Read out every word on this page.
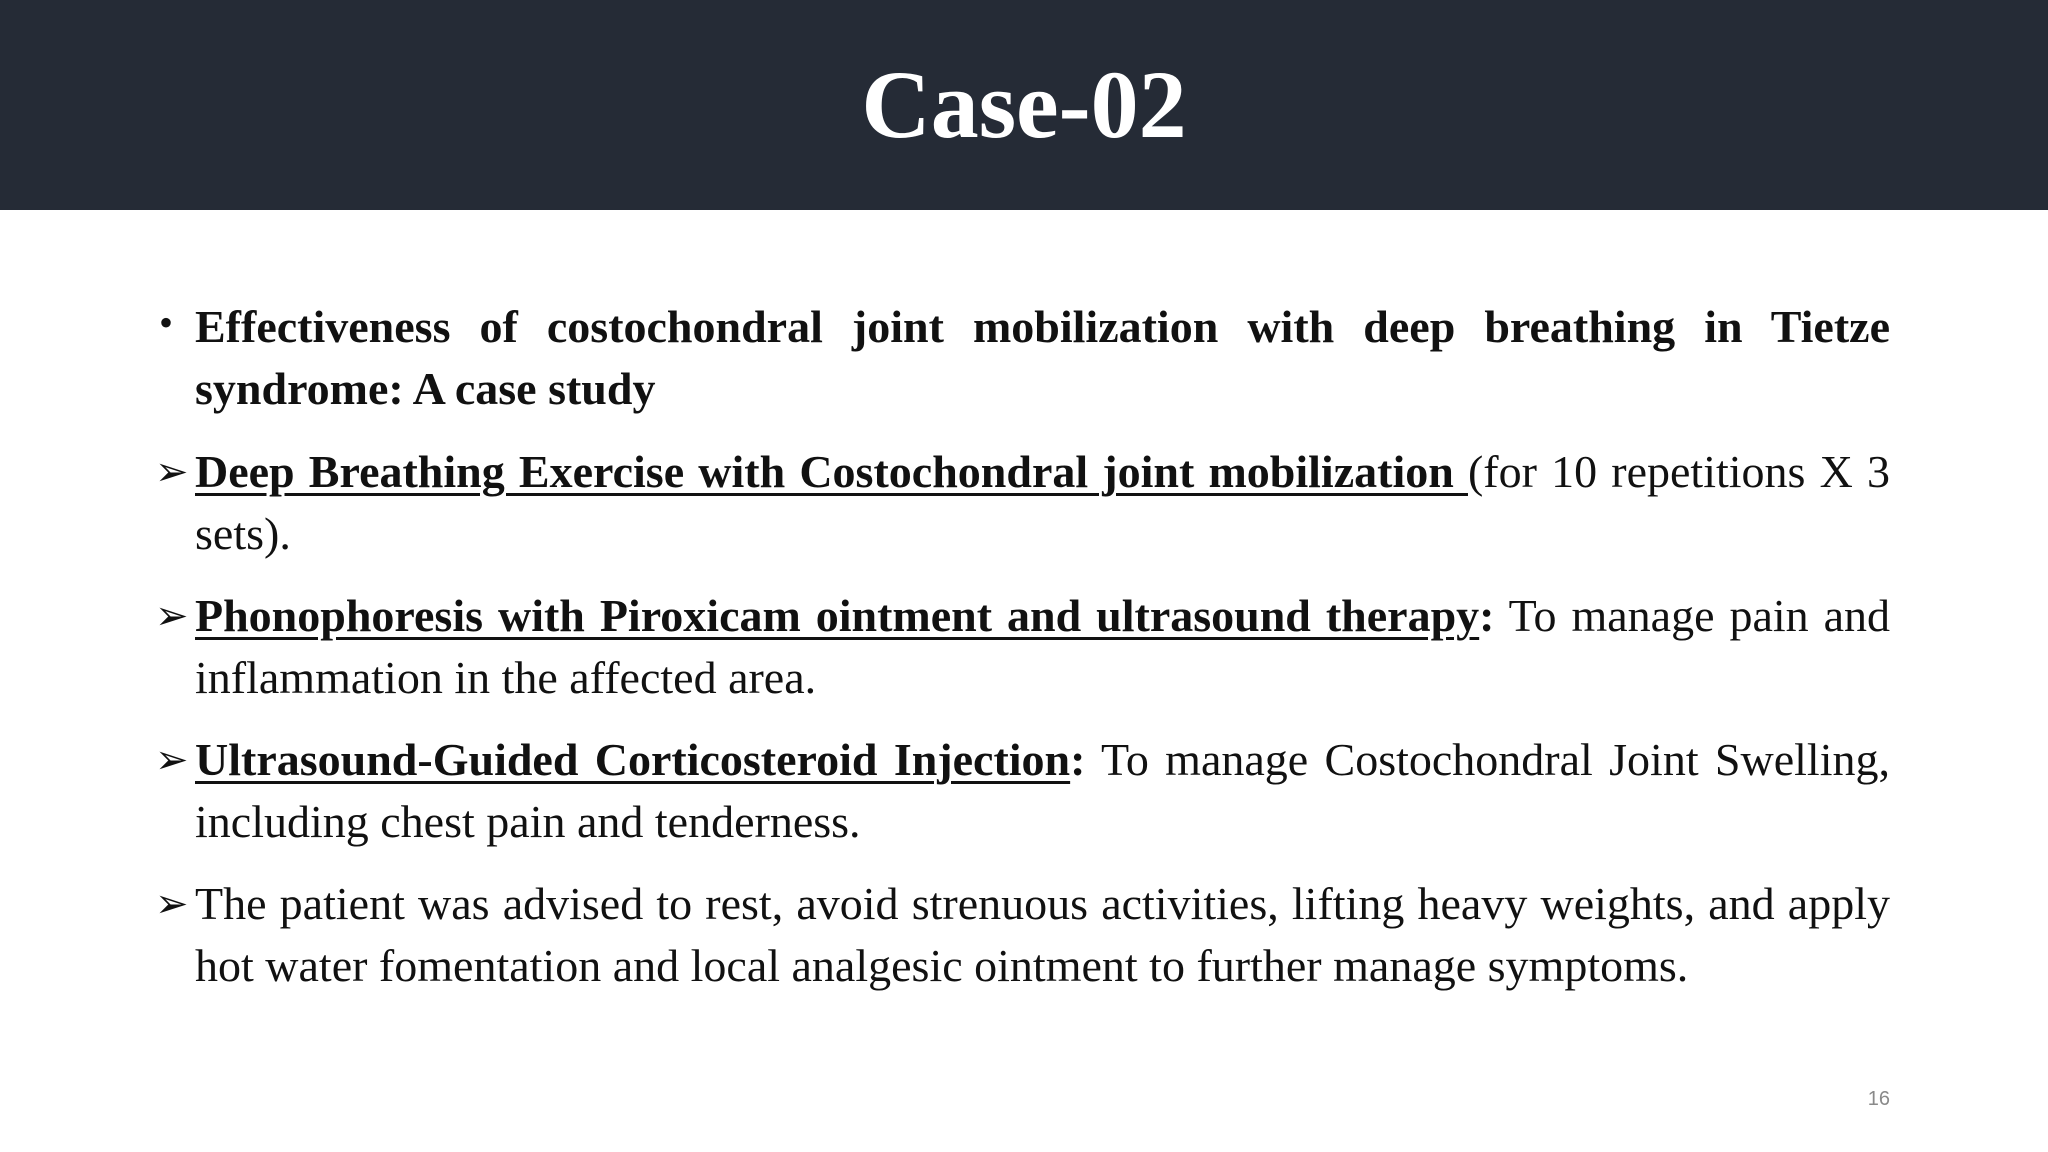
Case-02
• Effectiveness of costochondral joint mobilization with deep breathing in Tietze syndrome: A case study
➢ Deep Breathing Exercise with Costochondral joint mobilization (for 10 repetitions X 3 sets).
➢ Phonophoresis with Piroxicam ointment and ultrasound therapy: To manage pain and inflammation in the affected area.
➢ Ultrasound-Guided Corticosteroid Injection: To manage Costochondral Joint Swelling, including chest pain and tenderness.
➢ The patient was advised to rest, avoid strenuous activities, lifting heavy weights, and apply hot water fomentation and local analgesic ointment to further manage symptoms.
16
